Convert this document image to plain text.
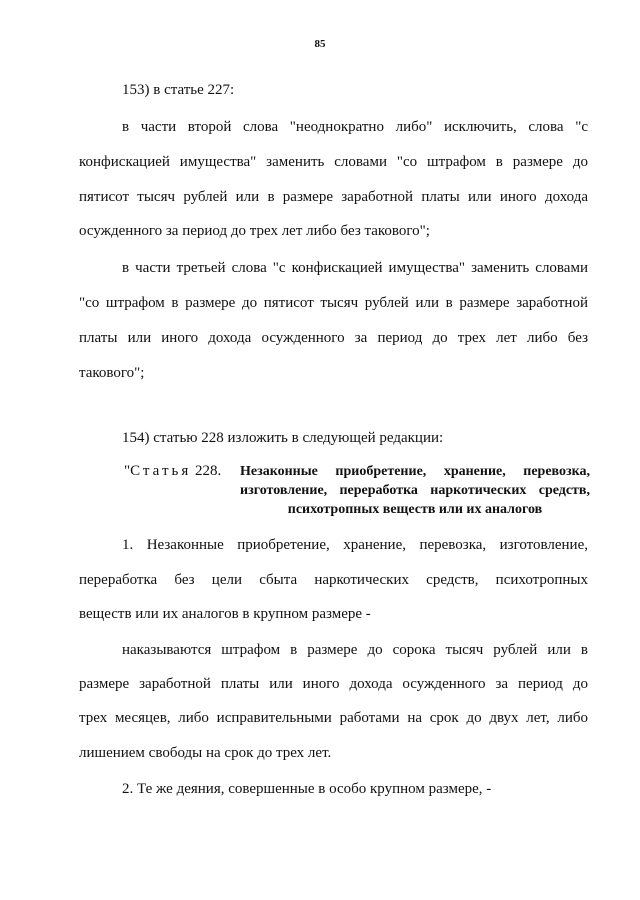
85
153) в статье 227:
в части второй слова "неоднократно либо" исключить, слова "с
конфискацией имущества" заменить словами "со штрафом в размере до
пятисот тысяч рублей или в размере заработной платы или иного дохода
осужденного за период до трех лет либо без такового";
в части третьей слова "с конфискацией имущества" заменить словами
"со штрафом в размере до пятисот тысяч рублей или в размере заработной
платы или иного дохода осужденного за период до трех лет либо без
такового";
154) статью 228 изложить в следующей редакции:
"Статья 228. Незаконные приобретение, хранение, перевозка, изготовление, переработка наркотических средств, психотропных веществ или их аналогов
1. Незаконные приобретение, хранение, перевозка, изготовление,
переработка без цели сбыта наркотических средств, психотропных
веществ или их аналогов в крупном размере -
наказываются штрафом в размере до сорока тысяч рублей или в
размере заработной платы или иного дохода осужденного за период до
трех месяцев, либо исправительными работами на срок до двух лет, либо
лишением свободы на срок до трех лет.
2. Те же деяния, совершенные в особо крупном размере, -
